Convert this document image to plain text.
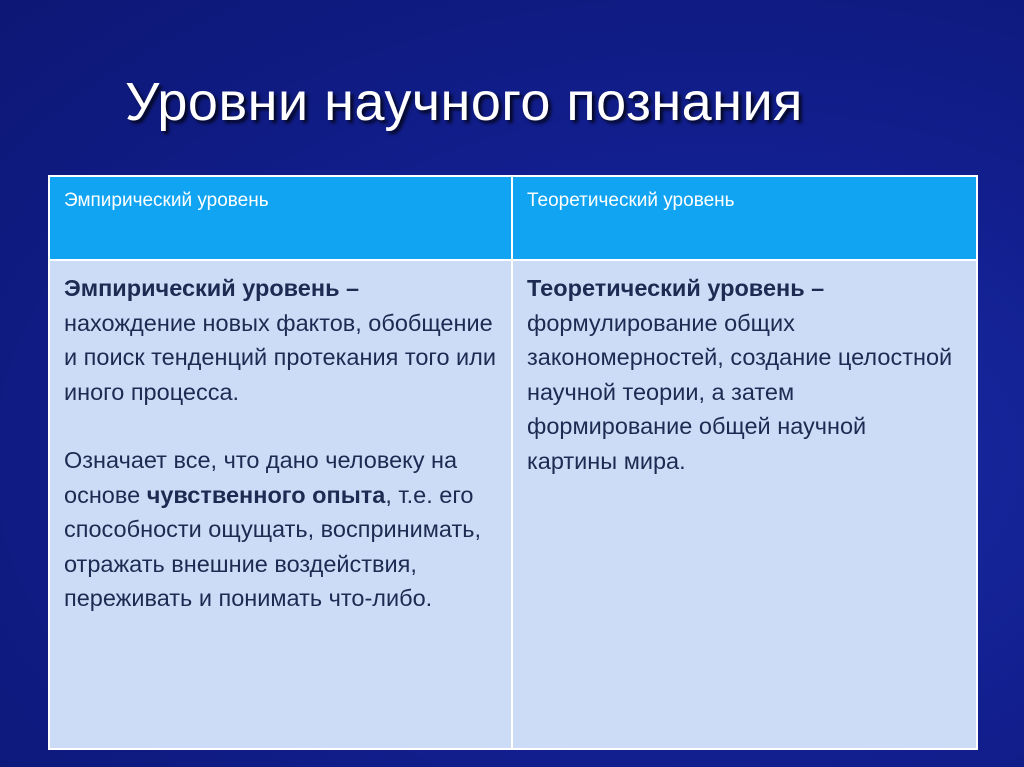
Уровни научного познания
Эмпирический уровень	Теоретический уровень

Эмпирический уровень – нахождение новых фактов, обобщение и поиск тенденций протекания того или иного процесса.

Означает все, что дано человеку на основе чувственного опыта, т.е. его способности ощущать, воспринимать, отражать внешние воздействия, переживать и понимать что-либо.	Теоретический уровень – формулирование общих закономерностей, создание целостной научной теории, а затем формирование общей научной картины мира.
